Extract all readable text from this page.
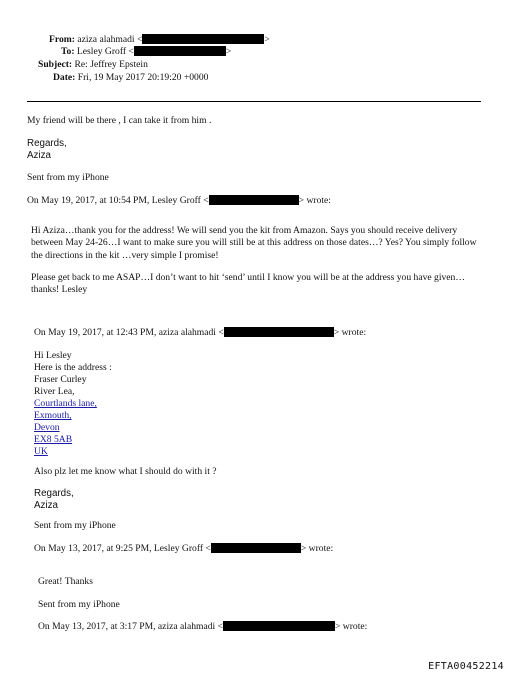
From: aziza alahmadi <	>
To: Lesley Groff <	>
Subject: Re: Jeffrey Epstein
Date: Fri, 19 May 2017 20:19:20 +0000
My friend will be there , I can take it from him .
Regards,
Aziza
Sent from my iPhone
On May 19, 2017, at 10:54 PM, Lesley Groff <	> wrote:
Hi Aziza…thank you for the address! We will send you the kit from Amazon. Says you should receive delivery between May 24-26…I want to make sure you will still be at this address on those dates…? Yes? You simply follow the directions in the kit …very simple I promise!
Please get back to me ASAP…I don’t want to hit ‘send’ until I know you will be at the address you have given…thanks! Lesley
On May 19, 2017, at 12:43 PM, aziza alahmadi <	> wrote:
Hi Lesley
Here is the address :
Fraser Curley
River Lea,
Courtlands lane,
Exmouth,
Devon
EX8 5AB
UK
Also plz let me know what I should do with it ?
Regards,
Aziza
Sent from my iPhone
On May 13, 2017, at 9:25 PM, Lesley Groff <	> wrote:
Great! Thanks
Sent from my iPhone
On May 13, 2017, at 3:17 PM, aziza alahmadi <	> wrote:
EFTA00452214
